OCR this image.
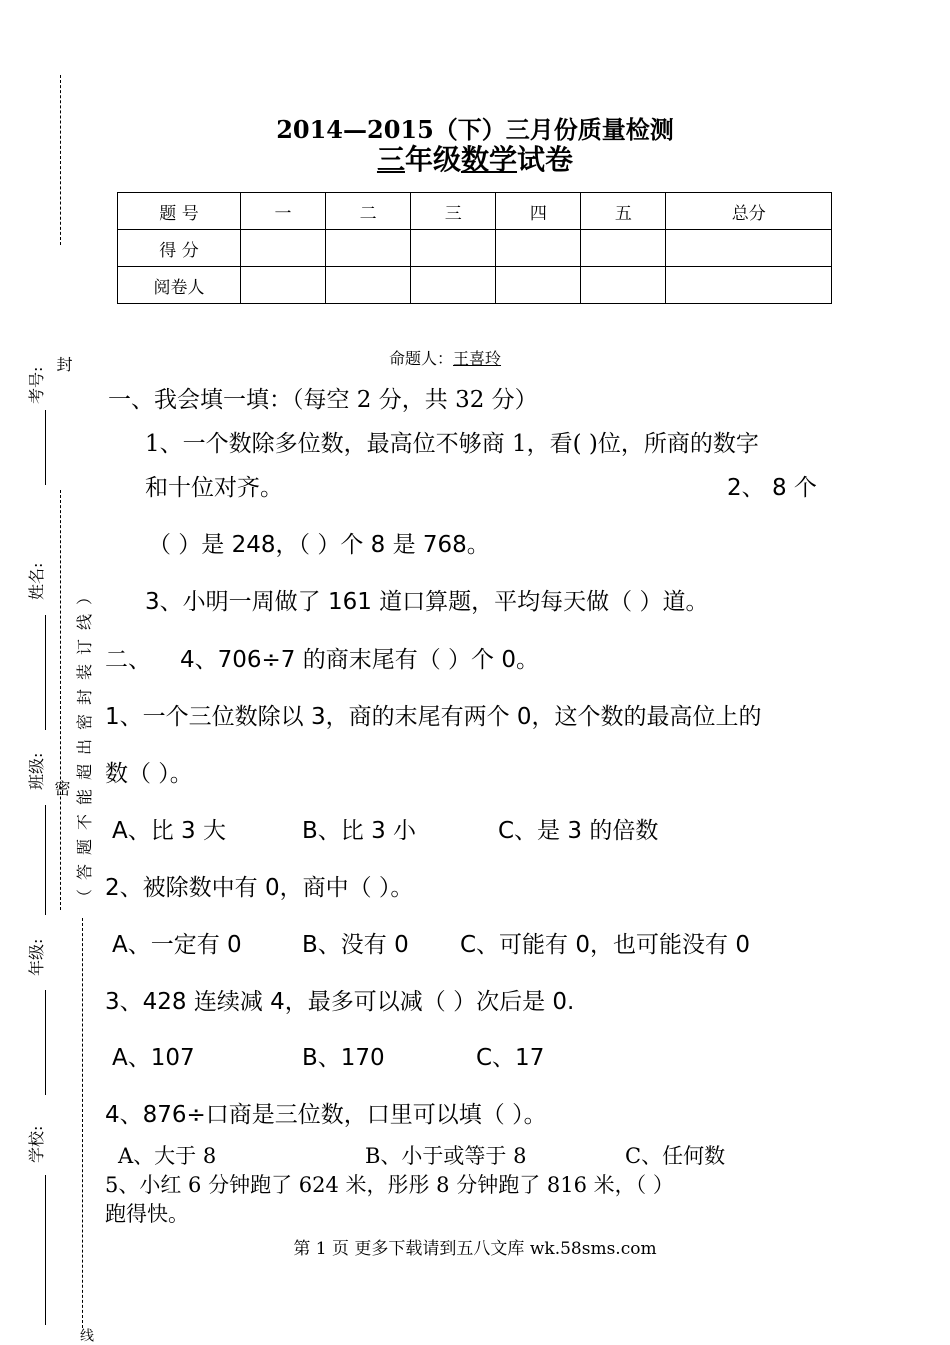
考号:
封
姓名:
班级: 密
年级:
学校:
线
（答题不能超出密封装订线）
2014—2015（下）三月份质量检测
三年级数学试卷
题 号	一	二	三	四	五	总分
得 分						
阅卷人						
命题人：王喜玲
一、我会填一填：（每空 2 分，共 32 分）
1、一个数除多位数，最高位不够商 1，看( )位，所商的数字
和十位对齐。	2、 8 个
（ ）是 248，（ ）个 8 是 768。
3、小明一周做了 161 道口算题，平均每天做（ ）道。
二、 4、706÷7 的商末尾有（ ）个 0。
1、一个三位数除以 3，商的末尾有两个 0，这个数的最高位上的
数（ ）。
A、比 3 大	B、比 3 小	C、是 3 的倍数
2、被除数中有 0，商中（ ）。
A、一定有 0	B、没有 0 C、可能有 0，也可能没有 0
3、428 连续减 4，最多可以减（ ）次后是 0.
A、107	B、170	C、17
4、876÷口商是三位数，口里可以填（ ）。
A、大于 8	B、小于或等于 8	C、任何数
5、小红 6 分钟跑了 624 米，彤彤 8 分钟跑了 816 米，（ ）
跑得快。
第 1 页 更多下载请到五八文库 wk.58sms.com
